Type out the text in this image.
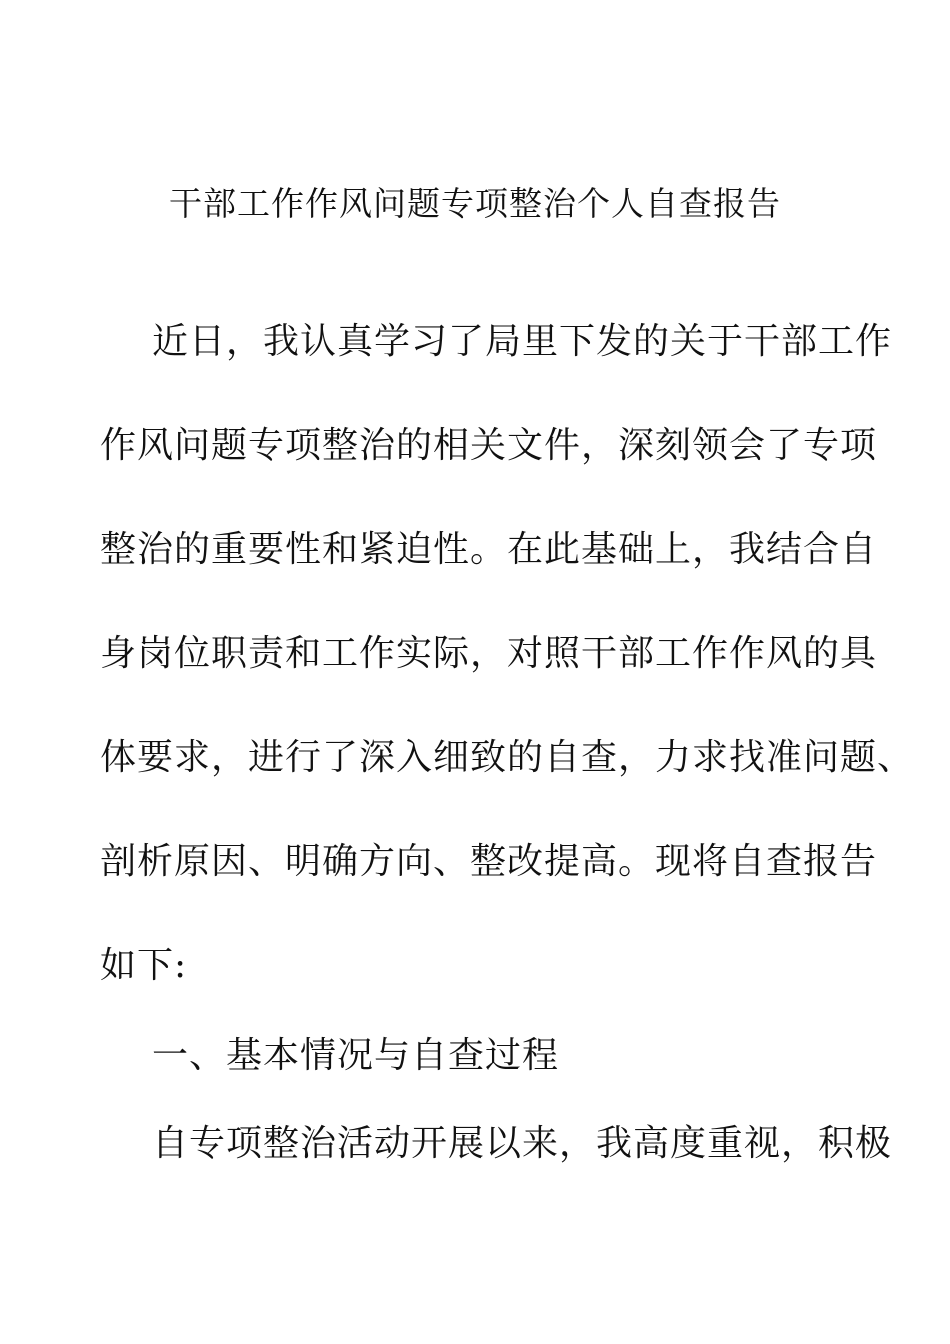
干部工作作风问题专项整治个人自查报告
近日，我认真学习了局里下发的关于干部工作
作风问题专项整治的相关文件，深刻领会了专项
整治的重要性和紧迫性。在此基础上，我结合自
身岗位职责和工作实际，对照干部工作作风的具
体要求，进行了深入细致的自查，力求找准问题、
剖析原因、明确方向、整改提高。现将自查报告
如下:
一、基本情况与自查过程
自专项整治活动开展以来，我高度重视，积极
